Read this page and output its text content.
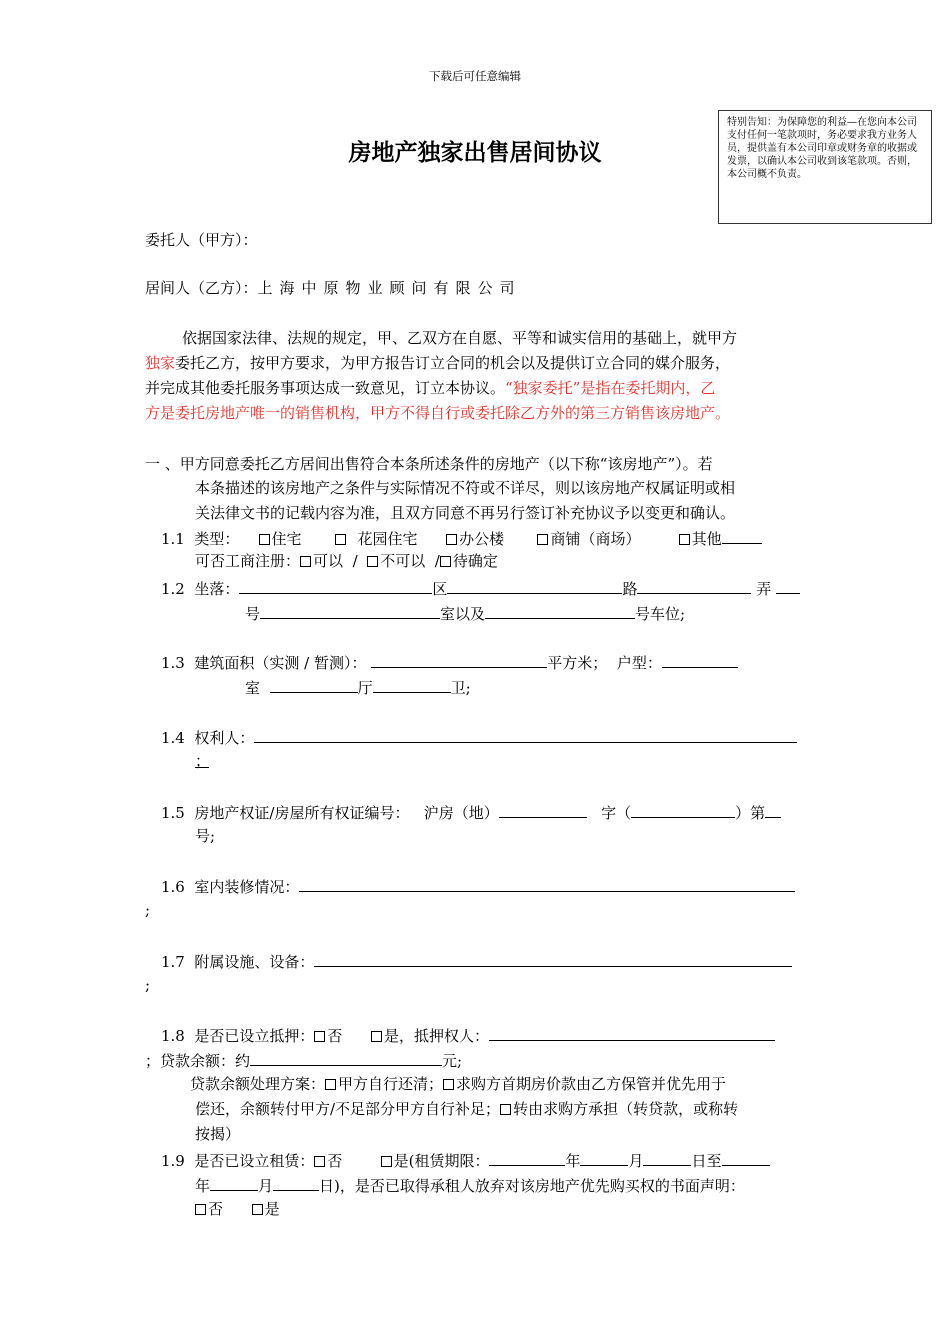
下载后可任意编辑
特别告知：为保障您的利益—在您向本公司支付任何一笔款项时，务必要求我方业务人员，提供盖有本公司印章或财务章的收据或发票，以确认本公司收到该笔款项。否则，本公司概不负责。
房地产独家出售居间协议
委托人（甲方）：
居间人（乙方）：上海中原物业顾问有限公司
依据国家法律、法规的规定，甲、乙双方在自愿、平等和诚实信用的基础上，就甲方
独家委托乙方，按甲方要求，为甲方报告订立合同的机会以及提供订立合同的媒介服务，
并完成其他委托服务事项达成一致意见，订立本协议。“独家委托”是指在委托期内，乙
方是委托房地产唯一的销售机构，甲方不得自行或委托除乙方外的第三方销售该房地产。
一 、甲方同意委托乙方居间出售符合本条所述条件的房地产（以下称“该房地产”）。若
本条描述的该房地产之条件与实际情况不符或不详尽，则以该房地产权属证明或相
关法律文书的记载内容为准，且双方同意不再另行签订补充协议予以变更和确认。
1.1 类型： 住宅	花园住宅	办公楼	商铺（商场）	其他
可否工商注册： 可以 / 不可以 / 待确定
1.2 坐落：	区	路	弄
号	室以及	号车位;
1.3 建筑面积（实测 / 暂测）：	平方米； 户型：
室	厅	卫;
1.4 权利人：
；
1.5 房地产权证/房屋所有权证编号： 沪房（地）	字（	）第
号;
1.6 室内装修情况：
;
1.7 附属设施、设备：
;
1.8 是否已设立抵押： 否	是，抵押权人：
；贷款余额：约	元;
贷款余额处理方案： 甲方自行还清； 求购方首期房价款由乙方保管并优先用于
偿还，余额转付甲方/不足部分甲方自行补足； 转由求购方承担（转贷款，或称转
按揭）
1.9 是否已设立租赁： 否	是(租赁期限：	年	月	日至
年	月	日)，是否已取得承租人放弃对该房地产优先购买权的书面声明：
否	是
